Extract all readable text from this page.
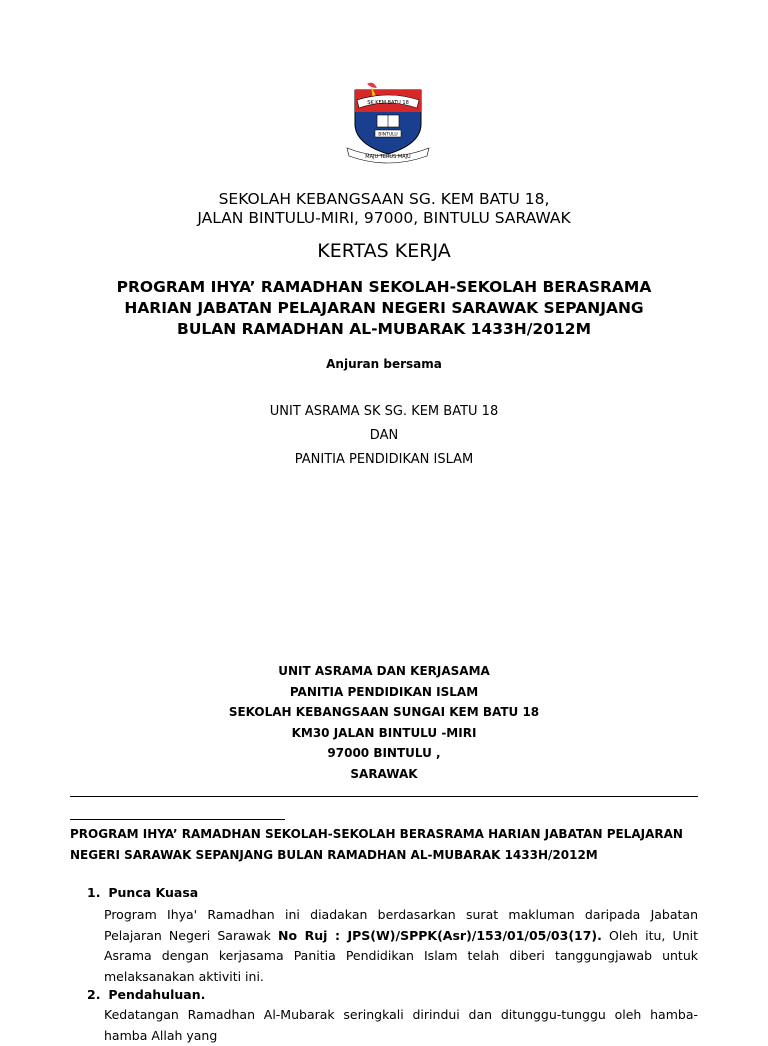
SK KEM BATU 18
BINTULU
MAJU TERUS MAJU
SEKOLAH KEBANGSAAN SG. KEM BATU 18,
JALAN BINTULU-MIRI, 97000, BINTULU SARAWAK
KERTAS KERJA
PROGRAM IHYA’ RAMADHAN SEKOLAH-SEKOLAH BERASRAMA
HARIAN JABATAN PELAJARAN NEGERI SARAWAK SEPANJANG
BULAN RAMADHAN AL-MUBARAK 1433H/2012M
Anjuran bersama
UNIT ASRAMA SK SG. KEM BATU 18
DAN
PANITIA PENDIDIKAN ISLAM
UNIT ASRAMA DAN KERJASAMA
PANITIA PENDIDIKAN ISLAM
SEKOLAH KEBANGSAAN SUNGAI KEM BATU 18
KM30 JALAN BINTULU -MIRI
97000 BINTULU ,
SARAWAK
PROGRAM IHYA’ RAMADHAN SEKOLAH-SEKOLAH BERASRAMA HARIAN JABATAN PELAJARAN
NEGERI SARAWAK SEPANJANG BULAN RAMADHAN AL-MUBARAK 1433H/2012M
1. Punca Kuasa
Program Ihya' Ramadhan ini diadakan berdasarkan surat makluman daripada Jabatan Pelajaran Negeri Sarawak No Ruj : JPS(W)/SPPK(Asr)/153/01/05/03(17). Oleh itu, Unit Asrama dengan kerjasama Panitia Pendidikan Islam telah diberi tanggungjawab untuk melaksanakan aktiviti ini.
2. Pendahuluan.
Kedatangan Ramadhan Al-Mubarak seringkali dirindui dan ditunggu-tunggu oleh hamba-hamba Allah yang
